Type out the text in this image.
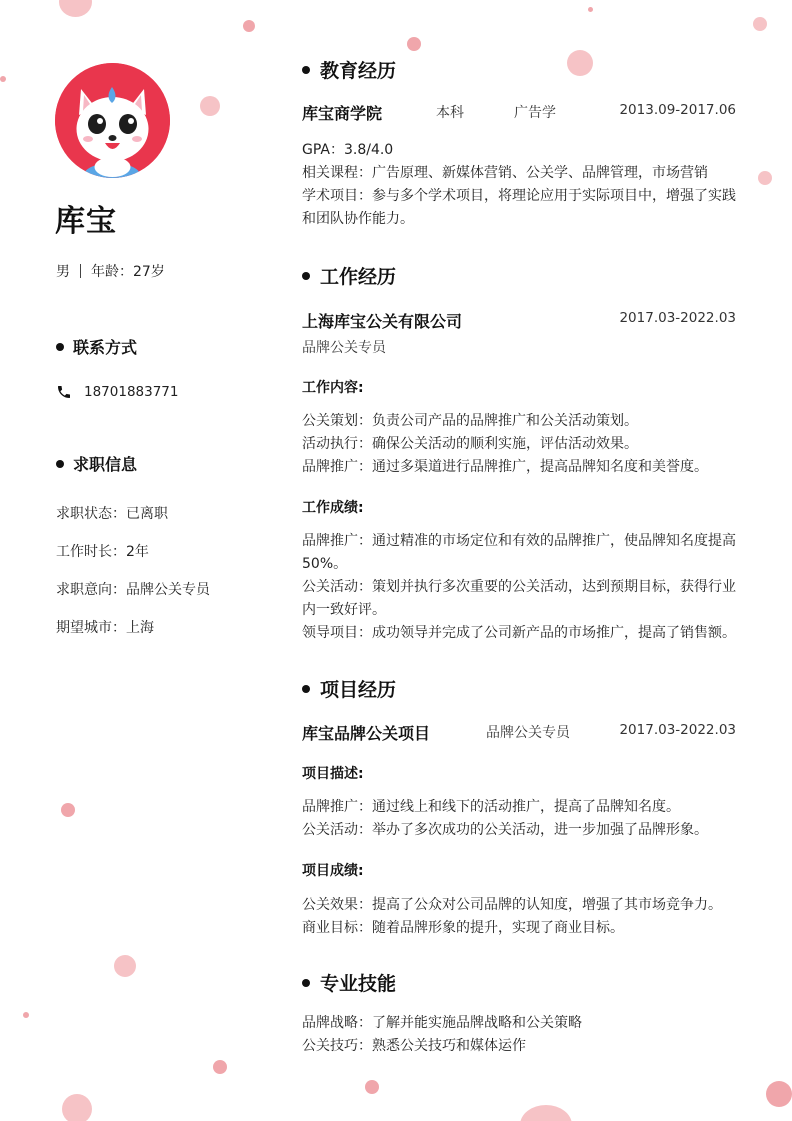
库宝
男 年龄：27岁
联系方式
18701883771
求职信息
求职状态：已离职
工作时长：2年
求职意向：品牌公关专员
期望城市：上海
教育经历
库宝商学院	本科	广告学	2013.09-2017.06

GPA：3.8/4.0

相关课程：广告原理、新媒体营销、公关学、品牌管理，市场营销

学术项目：参与多个学术项目，将理论应用于实际项目中，增强了实践和团队协作能力。

工作经历
上海库宝公关有限公司	2017.03-2022.03
品牌公关专员
工作内容:

公关策划：负责公司产品的品牌推广和公关活动策划。

活动执行：确保公关活动的顺利实施，评估活动效果。

品牌推广：通过多渠道进行品牌推广，提高品牌知名度和美誉度。

工作成绩:

品牌推广：通过精准的市场定位和有效的品牌推广，使品牌知名度提高50%。

公关活动：策划并执行多次重要的公关活动，达到预期目标，获得行业内一致好评。

领导项目：成功领导并完成了公司新产品的市场推广，提高了销售额。

项目经历
库宝品牌公关项目	品牌公关专员	2017.03-2022.03
项目描述:

品牌推广：通过线上和线下的活动推广，提高了品牌知名度。

公关活动：举办了多次成功的公关活动，进一步加强了品牌形象。

项目成绩:

公关效果：提高了公众对公司品牌的认知度，增强了其市场竞争力。

商业目标：随着品牌形象的提升，实现了商业目标。

专业技能

品牌战略：了解并能实施品牌战略和公关策略

公关技巧：熟悉公关技巧和媒体运作
